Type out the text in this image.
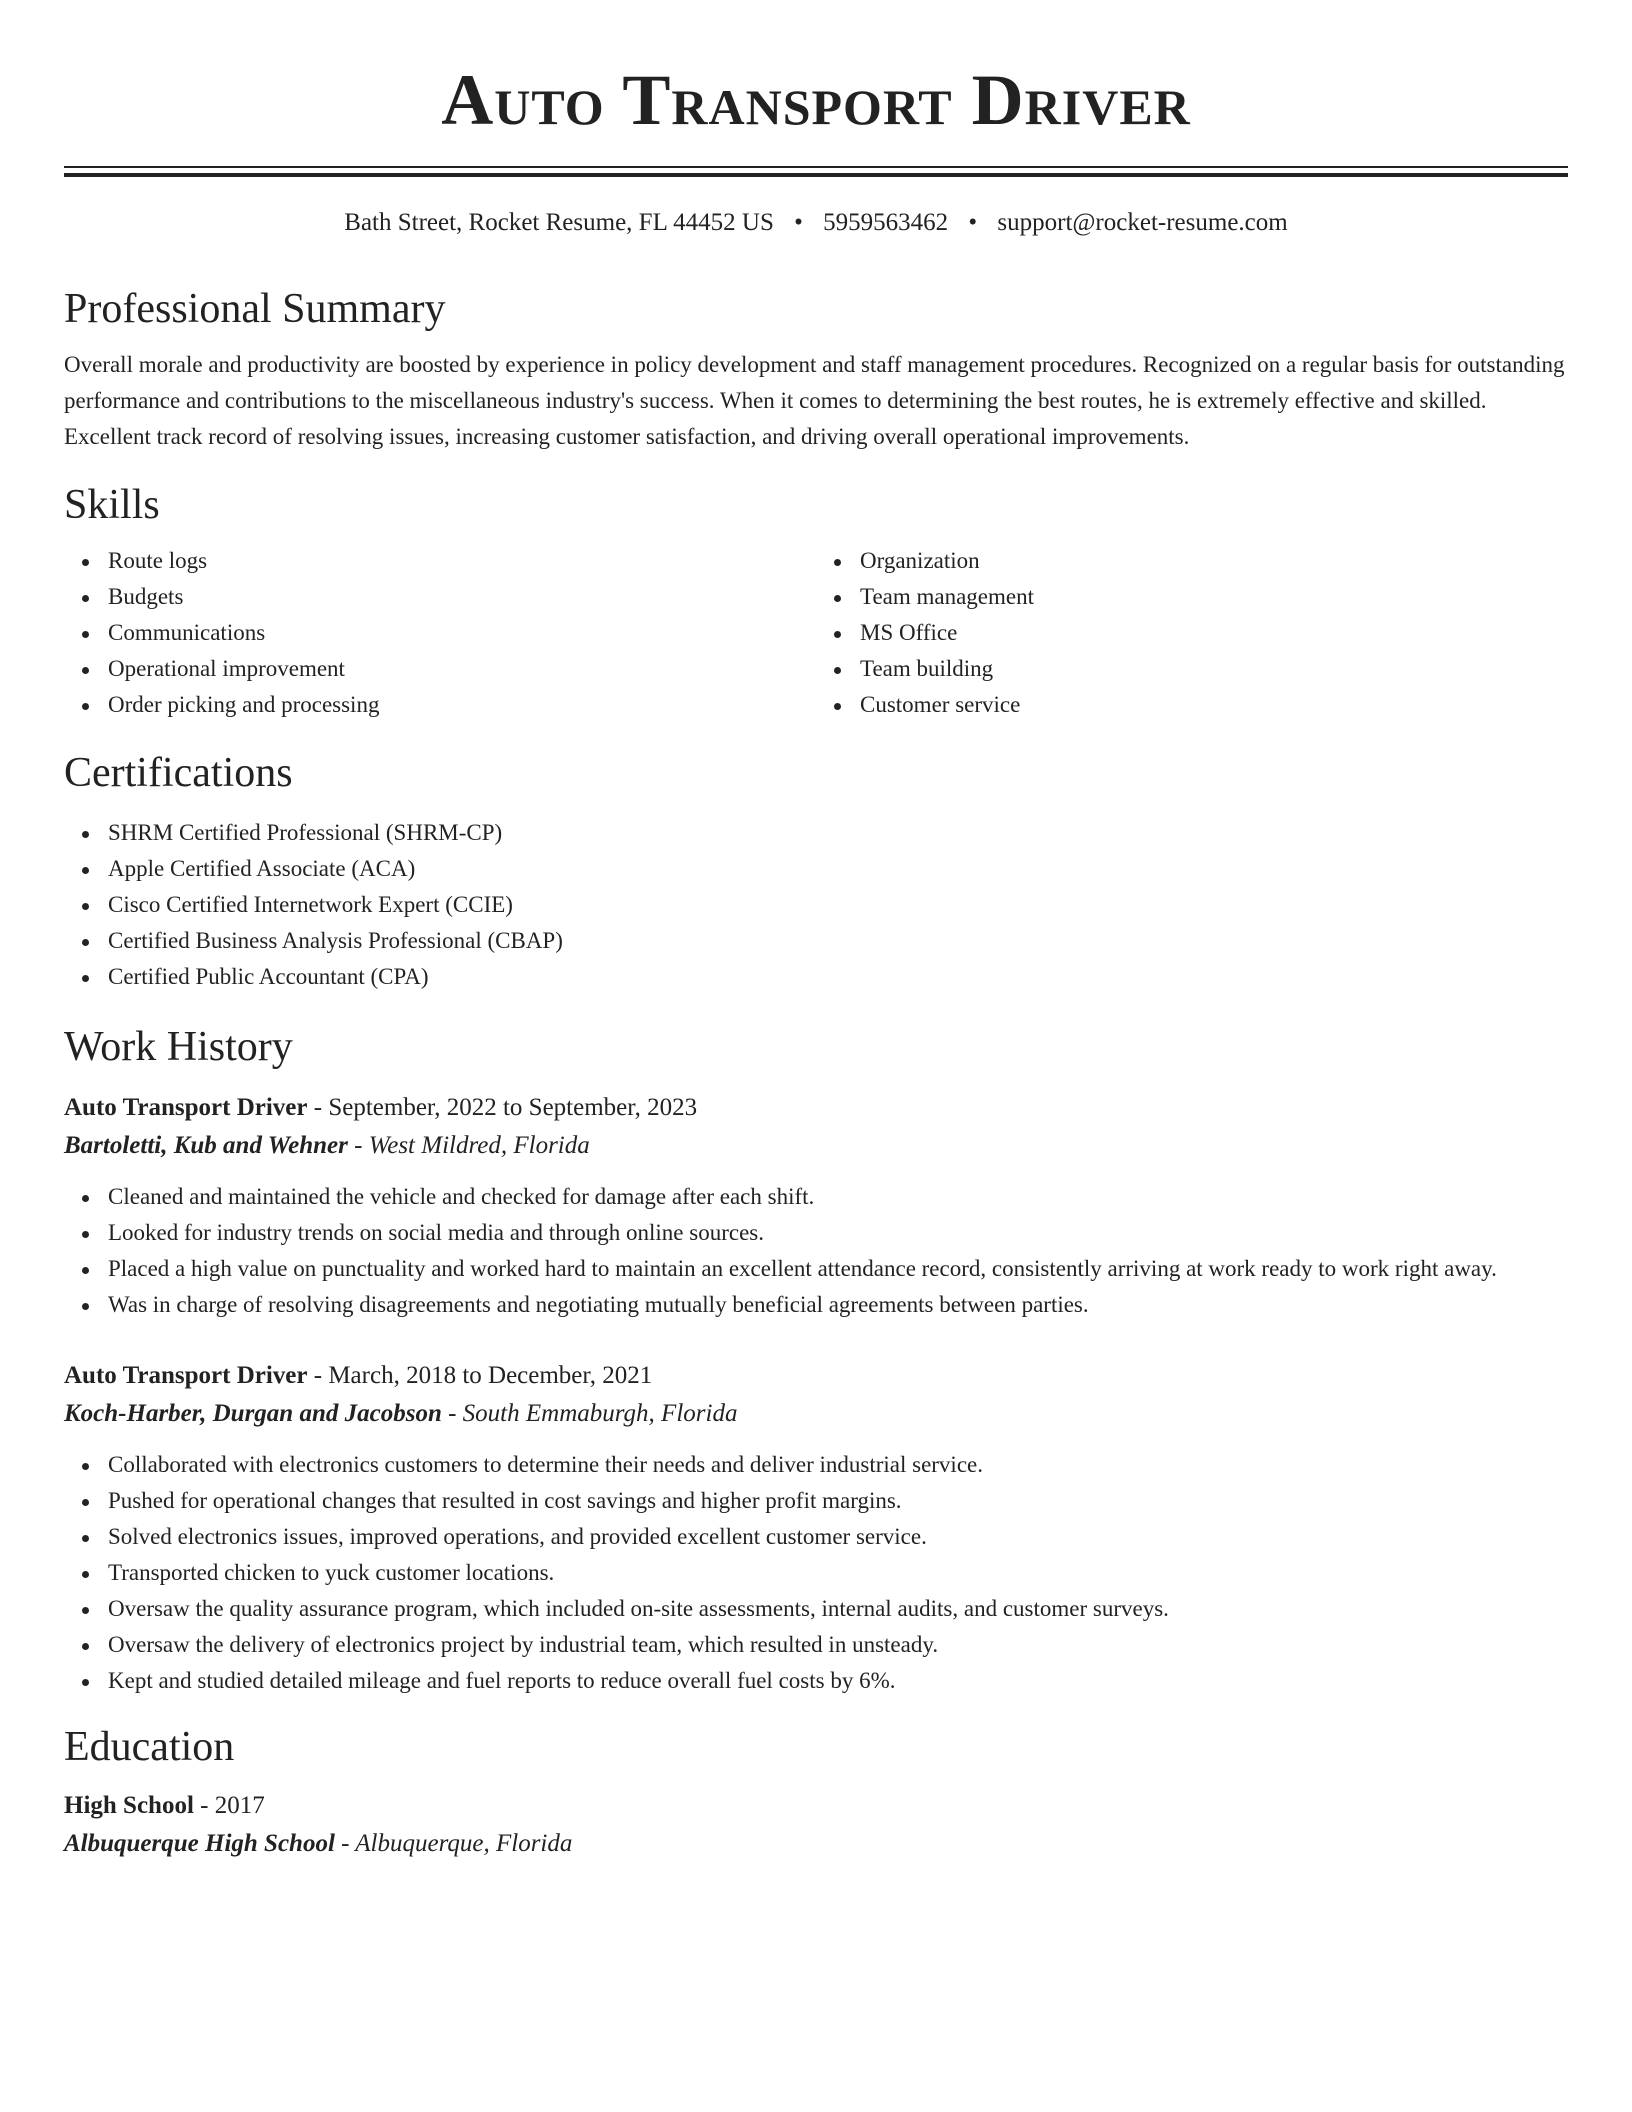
Auto Transport Driver
Bath Street, Rocket Resume, FL 44452 US • 5959563462 • support@rocket-resume.com
Professional Summary
Overall morale and productivity are boosted by experience in policy development and staff management procedures. Recognized on a regular basis for outstanding performance and contributions to the miscellaneous industry's success. When it comes to determining the best routes, he is extremely effective and skilled. Excellent track record of resolving issues, increasing customer satisfaction, and driving overall operational improvements.
Skills
Route logs
Budgets
Communications
Operational improvement
Order picking and processing
Organization
Team management
MS Office
Team building
Customer service
Certifications
SHRM Certified Professional (SHRM-CP)
Apple Certified Associate (ACA)
Cisco Certified Internetwork Expert (CCIE)
Certified Business Analysis Professional (CBAP)
Certified Public Accountant (CPA)
Work History
Auto Transport Driver - September, 2022 to September, 2023
Bartoletti, Kub and Wehner - West Mildred, Florida
Cleaned and maintained the vehicle and checked for damage after each shift.
Looked for industry trends on social media and through online sources.
Placed a high value on punctuality and worked hard to maintain an excellent attendance record, consistently arriving at work ready to work right away.
Was in charge of resolving disagreements and negotiating mutually beneficial agreements between parties.
Auto Transport Driver - March, 2018 to December, 2021
Koch-Harber, Durgan and Jacobson - South Emmaburgh, Florida
Collaborated with electronics customers to determine their needs and deliver industrial service.
Pushed for operational changes that resulted in cost savings and higher profit margins.
Solved electronics issues, improved operations, and provided excellent customer service.
Transported chicken to yuck customer locations.
Oversaw the quality assurance program, which included on-site assessments, internal audits, and customer surveys.
Oversaw the delivery of electronics project by industrial team, which resulted in unsteady.
Kept and studied detailed mileage and fuel reports to reduce overall fuel costs by 6%.
Education
High School - 2017
Albuquerque High School - Albuquerque, Florida
